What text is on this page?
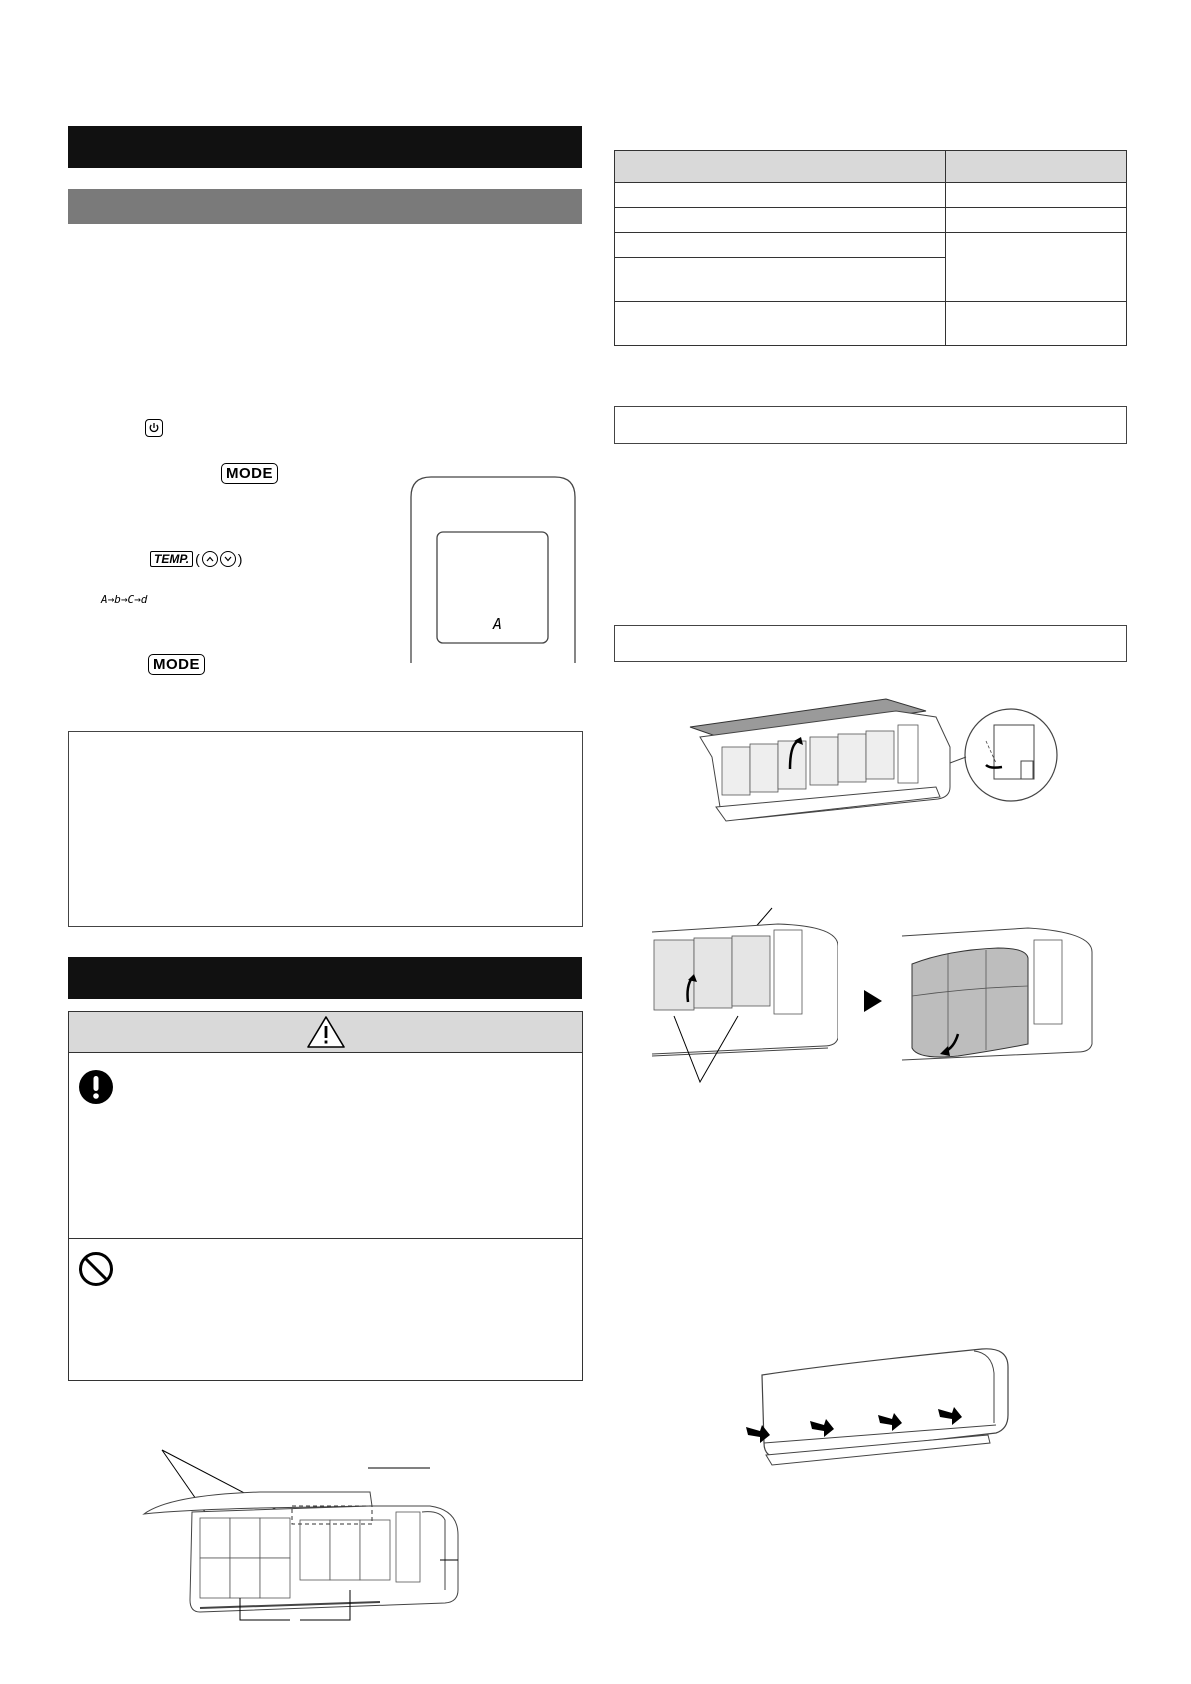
MODE
TEMP. (	)
A→b→C→d
MODE
A
